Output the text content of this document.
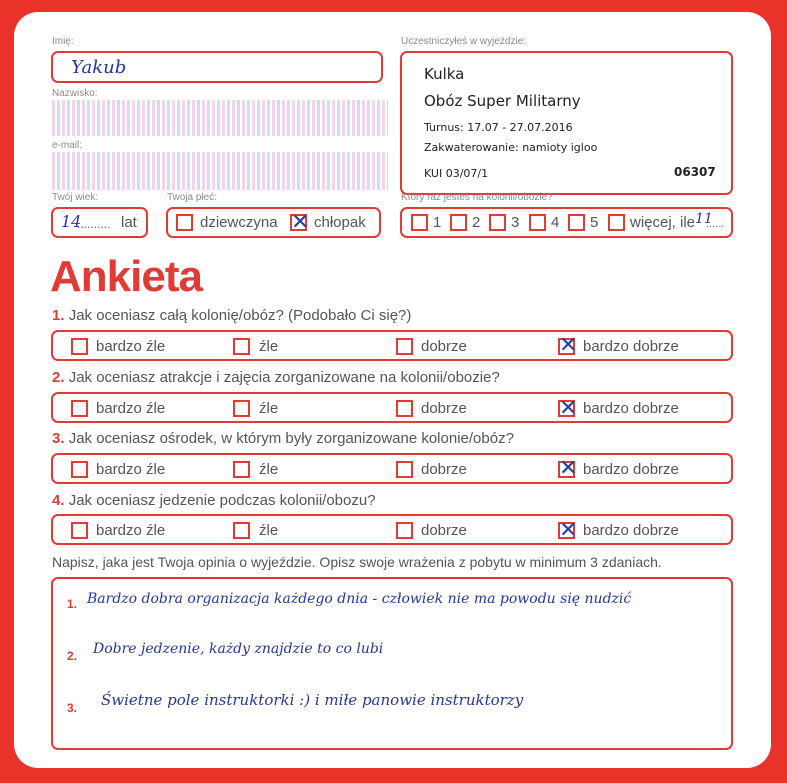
Imię:
Yakub
Nazwisko:
e-mail:
Twój wiek:
14
.......... lat
Twoja płeć:
dziewczyna ✕ chłopak
Uczestniczyłeś w wyjeździe:
Kulka
Obóz Super Militarny
Turnus: 17.07 - 27.07.2016
Zakwaterowanie: namioty igloo
KUI 03/07/1	06307
Który raz jesteś na kolonii/obozie?
1 2 3 4 5 więcej, ile 11
......
Ankieta
1. Jak oceniasz całą kolonię/obóz? (Podobało Ci się?)
bardzo źle	źle	dobrze	✕ bardzo dobrze
2. Jak oceniasz atrakcje i zajęcia zorganizowane na kolonii/obozie?
bardzo źle	źle	dobrze	✕ bardzo dobrze
3. Jak oceniasz ośrodek, w którym były zorganizowane kolonie/obóz?
bardzo źle	źle	dobrze	✕ bardzo dobrze
4. Jak oceniasz jedzenie podczas kolonii/obozu?
bardzo źle	źle	dobrze	✕ bardzo dobrze
Napisz, jaka jest Twoja opinia o wyjeździe. Opisz swoje wrażenia z pobytu w minimum 3 zdaniach.
1. Bardzo dobra organizacja każdego dnia - człowiek nie ma powodu się nudzić
2. Dobre jedzenie, każdy znajdzie to co lubi
3. Świetne pole instruktorki :) i miłe panowie instruktorzy
